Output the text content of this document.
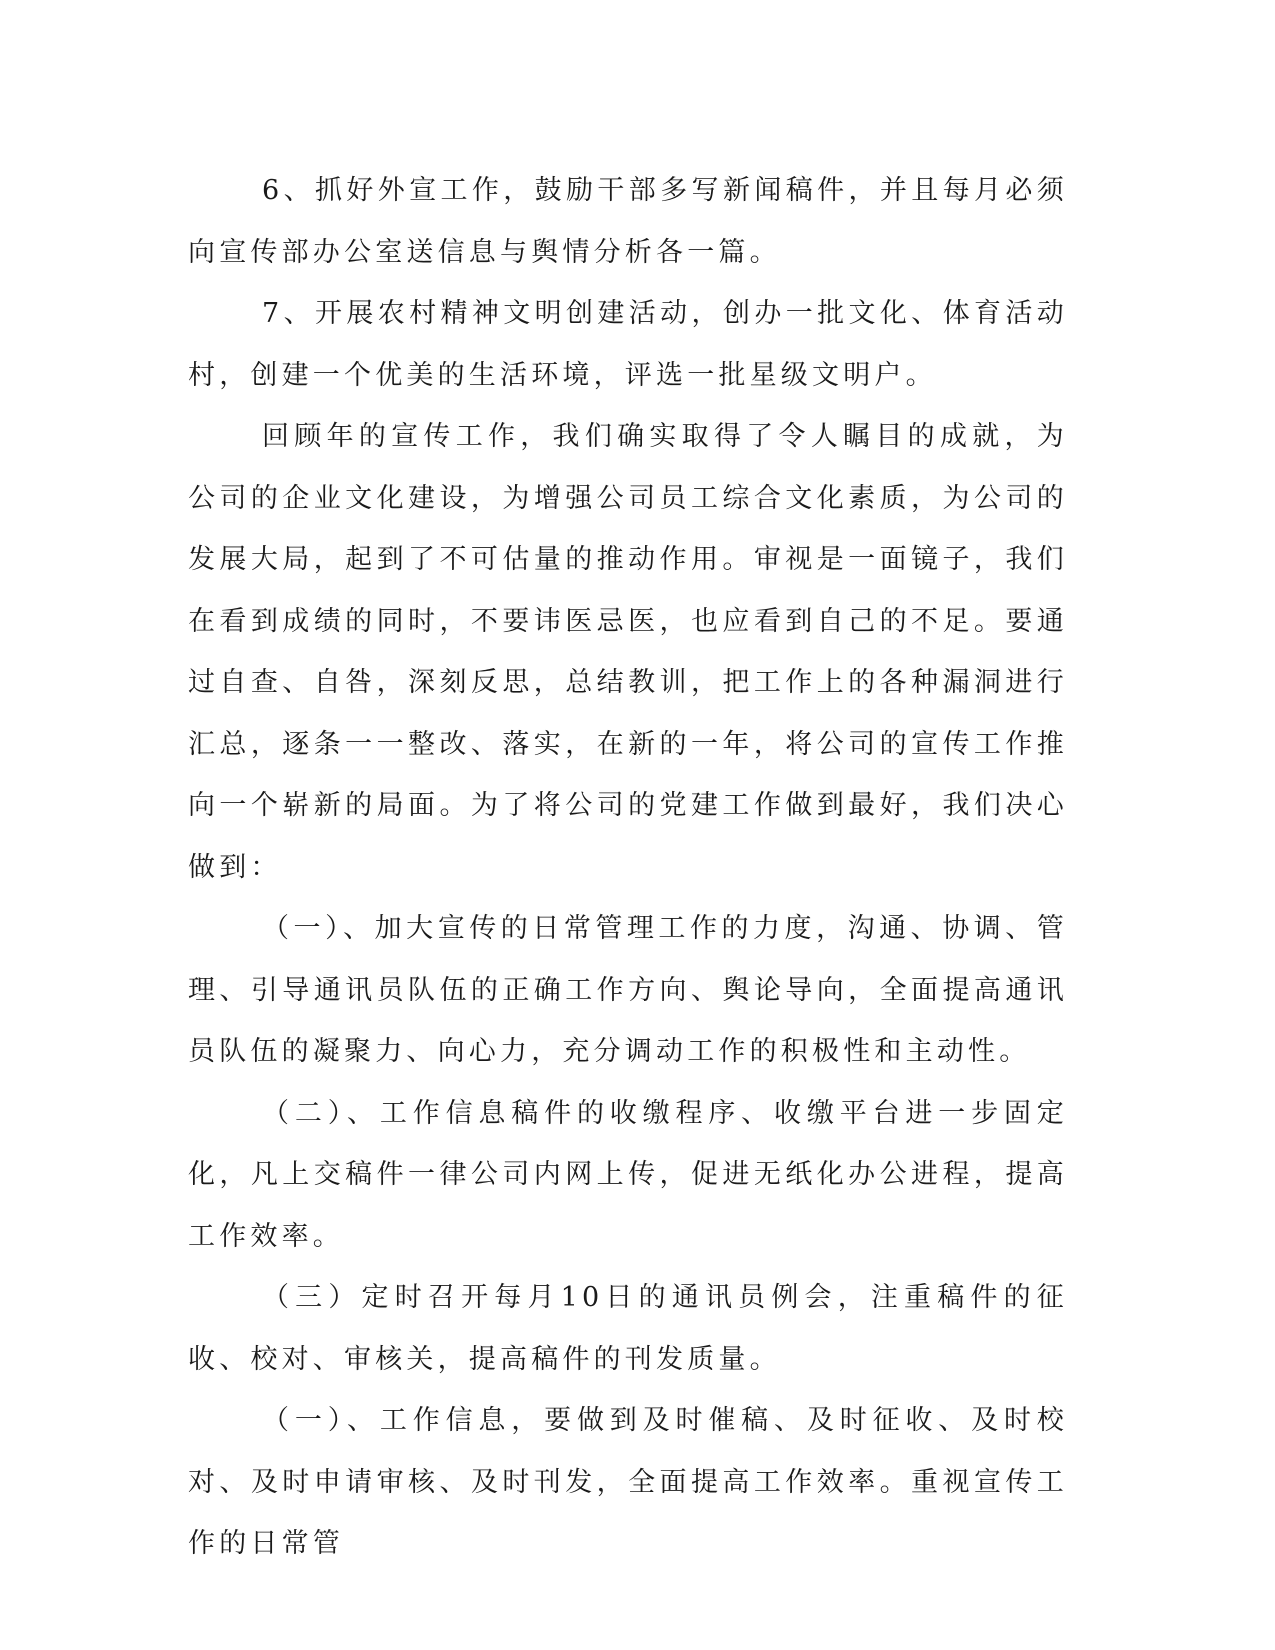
6、抓好外宣工作，鼓励干部多写新闻稿件，并且每月必须向宣传部办公室送信息与舆情分析各一篇。

7、开展农村精神文明创建活动，创办一批文化、体育活动村，创建一个优美的生活环境，评选一批星级文明户。

回顾年的宣传工作，我们确实取得了令人瞩目的成就，为公司的企业文化建设，为增强公司员工综合文化素质，为公司的发展大局，起到了不可估量的推动作用。审视是一面镜子，我们在看到成绩的同时，不要讳医忌医，也应看到自己的不足。要通过自查、自咎，深刻反思，总结教训，把工作上的各种漏洞进行汇总，逐条一一整改、落实，在新的一年，将公司的宣传工作推向一个崭新的局面。为了将公司的党建工作做到最好，我们决心做到：

（一）、加大宣传的日常管理工作的力度，沟通、协调、管理、引导通讯员队伍的正确工作方向、舆论导向，全面提高通讯员队伍的凝聚力、向心力，充分调动工作的积极性和主动性。

（二）、工作信息稿件的收缴程序、收缴平台进一步固定化，凡上交稿件一律公司内网上传，促进无纸化办公进程，提高工作效率。

（三）定时召开每月10日的通讯员例会，注重稿件的征收、校对、审核关，提高稿件的刊发质量。

（一）、工作信息，要做到及时催稿、及时征收、及时校对、及时申请审核、及时刊发，全面提高工作效率。重视宣传工作的日常管
